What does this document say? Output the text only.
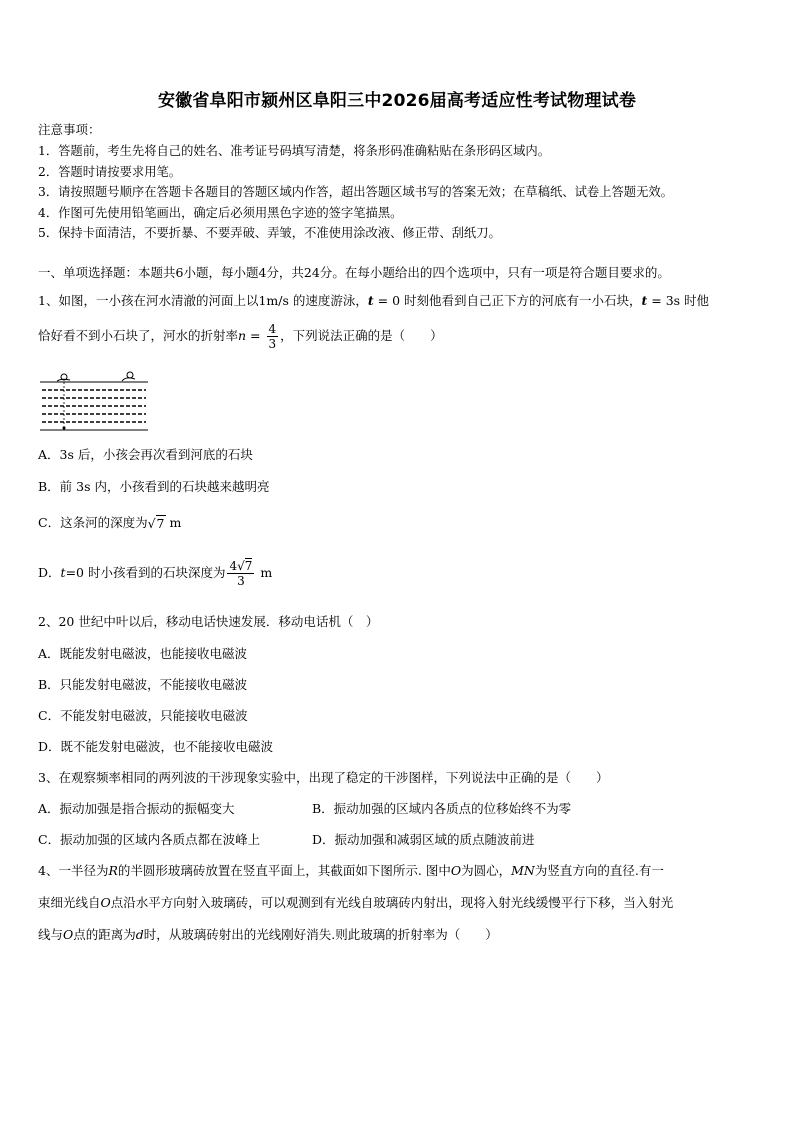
安徽省阜阳市颍州区阜阳三中2026届高考适应性考试物理试卷
注意事项：
1．答题前，考生先将自己的姓名、准考证号码填写清楚，将条形码准确粘贴在条形码区域内。
2．答题时请按要求用笔。
3．请按照题号顺序在答题卡各题目的答题区域内作答，超出答题区域书写的答案无效；在草稿纸、试卷上答题无效。
4．作图可先使用铅笔画出，确定后必须用黑色字迹的签字笔描黑。
5．保持卡面清洁，不要折暴、不要弄破、弄皱，不准使用涂改液、修正带、刮纸刀。
一、单项选择题：本题共6小题，每小题4分，共24分。在每小题给出的四个选项中，只有一项是符合题目要求的。
1、如图，一小孩在河水清澈的河面上以1m/s 的速度游泳，t = 0 时刻他看到自己正下方的河底有一小石块，t = 3s 时他
恰好看不到小石块了，河水的折射率$n = \frac{4}{3}$ ，下列说法正确的是（　　）
A．3s 后，小孩会再次看到河底的石块
B．前 3s 内，小孩看到的石块越来越明亮
C．这条河的深度为√7 m
D．t=0 时小孩看到的石块深度为 $\frac{4√7}{3}$ m
2、20 世纪中叶以后，移动电话快速发展．移动电话机（　）
A．既能发射电磁波，也能接收电磁波
B．只能发射电磁波，不能接收电磁波
C．不能发射电磁波，只能接收电磁波
D．既不能发射电磁波，也不能接收电磁波
3、在观察频率相同的两列波的干涉现象实验中，出现了稳定的干涉图样，下列说法中正确的是（　　）
A．振动加强是指合振动的振幅变大	B．振动加强的区域内各质点的位移始终不为零
C．振动加强的区域内各质点都在波峰上	D．振动加强和减弱区域的质点随波前进
4、一半径为R的半圆形玻璃砖放置在竖直平面上，其截面如下图所示. 图中O为圆心，MN为竖直方向的直径.有一
束细光线自O点沿水平方向射入玻璃砖，可以观测到有光线自玻璃砖内射出，现将入射光线缓慢平行下移，当入射光
线与O点的距离为d时，从玻璃砖射出的光线刚好消失.则此玻璃的折射率为（　　）
